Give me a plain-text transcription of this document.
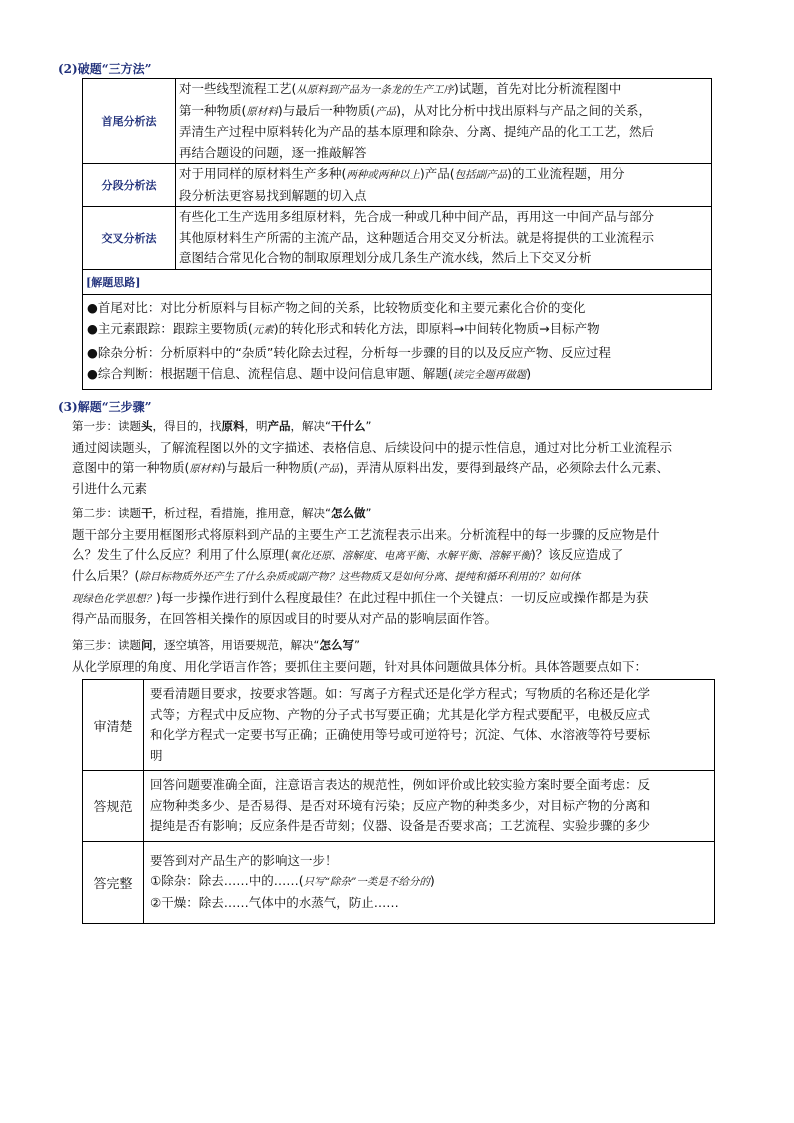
(2)破题“三方法”
首尾分析法	对一些线型流程工艺(从原料到产品为一条龙的生产工序)试题，首先对比分析流程图中
第一种物质(原材料)与最后一种物质(产品)，从对比分析中找出原料与产品之间的关系，
弄清生产过程中原料转化为产品的基本原理和除杂、分离、提纯产品的化工工艺，然后
再结合题设的问题，逐一推敲解答

分段分析法	对于用同样的原材料生产多种(两种或两种以上)产品(包括副产品)的工业流程题，用分
段分析法更容易找到解题的切入点

交叉分析法	有些化工生产选用多组原材料，先合成一种或几种中间产品，再用这一中间产品与部分
其他原材料生产所需的主流产品，这种题适合用交叉分析法。就是将提供的工业流程示
意图结合常见化合物的制取原理划分成几条生产流水线，然后上下交叉分析

[解题思路]	

●首尾对比：对比分析原料与目标产物之间的关系，比较物质变化和主要元素化合价的变化
●主元素跟踪：跟踪主要物质(元素)的转化形式和转化方法，即原料→中间转化物质→目标产物
●除杂分析：分析原料中的“杂质”转化除去过程，分析每一步骤的目的以及反应产物、反应过程
●综合判断：根据题干信息、流程信息、题中设问信息审题、解题(读完全题再做题)	
(3)解题“三步骤”
第一步：读题头，得目的，找原料，明产品，解决“干什么”
通过阅读题头，了解流程图以外的文字描述、表格信息、后续设问中的提示性信息，通过对比分析工业流程示
意图中的第一种物质(原材料)与最后一种物质(产品)，弄清从原料出发，要得到最终产品，必须除去什么元素、
引进什么元素
第二步：读题干，析过程，看措施，推用意，解决“怎么做”
题干部分主要用框图形式将原料到产品的主要生产工艺流程表示出来。分析流程中的每一步骤的反应物是什
么？发生了什么反应？利用了什么原理(氧化还原、溶解度、电离平衡、水解平衡、溶解平衡)？该反应造成了
什么后果？(除目标物质外还产生了什么杂质或副产物？这些物质又是如何分离、提纯和循环利用的？如何体
现绿色化学思想？)每一步操作进行到什么程度最佳？在此过程中抓住一个关键点：一切反应或操作都是为获
得产品而服务，在回答相关操作的原因或目的时要从对产品的影响层面作答。
第三步：读题问，逐空填答，用语要规范，解决“怎么写”
从化学原理的角度、用化学语言作答；要抓住主要问题，针对具体问题做具体分析。具体答题要点如下：
审清楚	要看清题目要求，按要求答题。如：写离子方程式还是化学方程式；写物质的名称还是化学
式等；方程式中反应物、产物的分子式书写要正确；尤其是化学方程式要配平，电极反应式
和化学方程式一定要书写正确；正确使用等号或可逆符号；沉淀、气体、水溶液等符号要标
明

答规范	回答问题要准确全面，注意语言表达的规范性，例如评价或比较实验方案时要全面考虑：反
应物种类多少、是否易得、是否对环境有污染；反应产物的种类多少，对目标产物的分离和
提纯是否有影响；反应条件是否苛刻；仪器、设备是否要求高；工艺流程、实验步骤的多少

答完整	要答到对产品生产的影响这一步！
①除杂：除去……中的……(只写“除杂”一类是不给分的)
②干燥：除去……气体中的水蒸气，防止……
